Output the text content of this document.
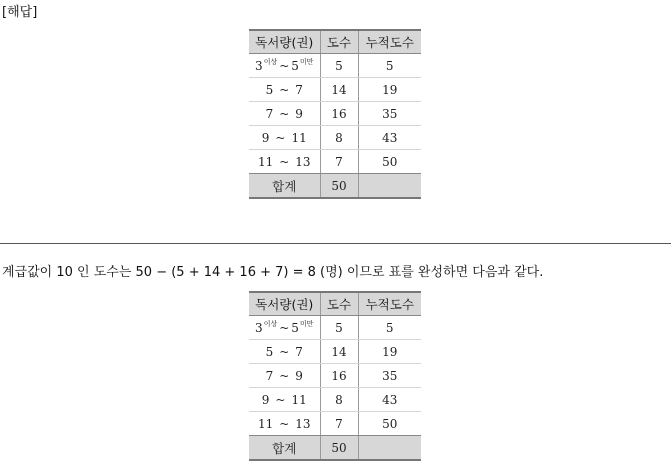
[해답]
독서량(권)	도수	누적도수
$3^{이상}$ ~ $5^{미만}$	5	5
5 ~ 7	14	19
7 ~ 9	16	35
9 ~ 11	8	43
11 ~ 13	7	50
합계	50	
계급값이 10 인 도수는 50 − (5 + 14 + 16 + 7) = 8 (명) 이므로 표를 완성하면 다음과 같다.
독서량(권)	도수	누적도수
$3^{이상}$ ~ $5^{미만}$	5	5
5 ~ 7	14	19
7 ~ 9	16	35
9 ~ 11	8	43
11 ~ 13	7	50
합계	50	
